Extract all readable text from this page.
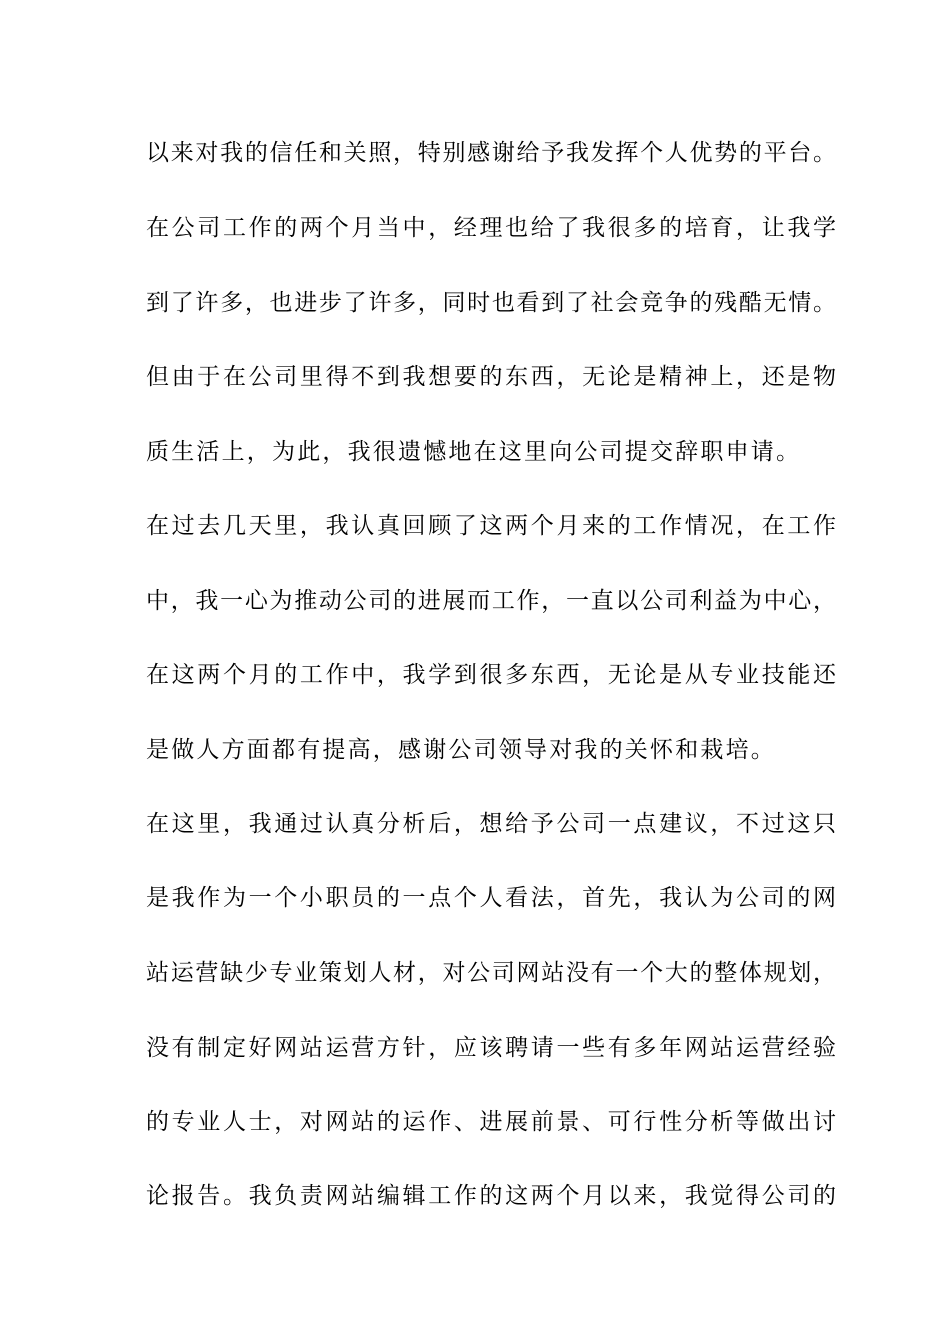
以来对我的信任和关照，特别感谢给予我发挥个人优势的平台。
在公司工作的两个月当中，经理也给了我很多的培育，让我学
到了许多，也进步了许多，同时也看到了社会竞争的残酷无情。
但由于在公司里得不到我想要的东西，无论是精神上，还是物
质生活上，为此，我很遗憾地在这里向公司提交辞职申请。
在过去几天里，我认真回顾了这两个月来的工作情况，在工作
中，我一心为推动公司的进展而工作，一直以公司利益为中心，
在这两个月的工作中，我学到很多东西，无论是从专业技能还
是做人方面都有提高，感谢公司领导对我的关怀和栽培。
在这里，我通过认真分析后，想给予公司一点建议，不过这只
是我作为一个小职员的一点个人看法，首先，我认为公司的网
站运营缺少专业策划人材，对公司网站没有一个大的整体规划，
没有制定好网站运营方针，应该聘请一些有多年网站运营经验
的专业人士，对网站的运作、进展前景、可行性分析等做出讨
论报告。我负责网站编辑工作的这两个月以来，我觉得公司的
